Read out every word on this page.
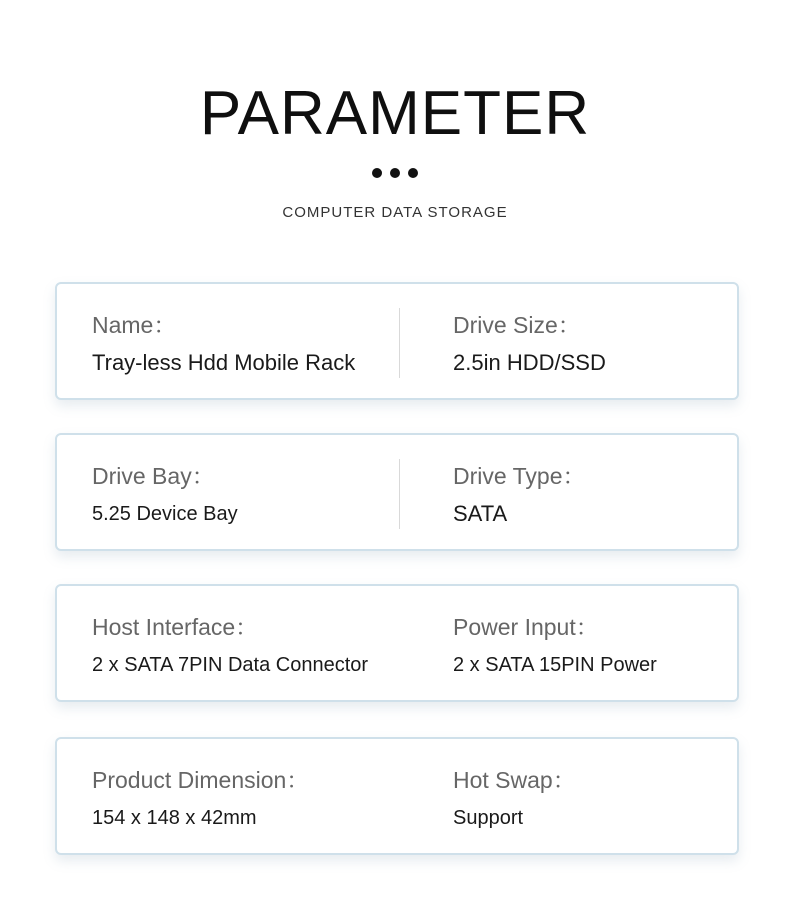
PARAMETER
COMPUTER DATA STORAGE
Name：
Tray-less Hdd Mobile Rack
Drive Size：
2.5in HDD/SSD
Drive Bay：
5.25 Device Bay
Drive Type：
SATA
Host Interface：
2 x SATA 7PIN Data Connector
Power Input：
2 x SATA 15PIN Power
Product Dimension：
154 x 148 x 42mm
Hot Swap：
Support
